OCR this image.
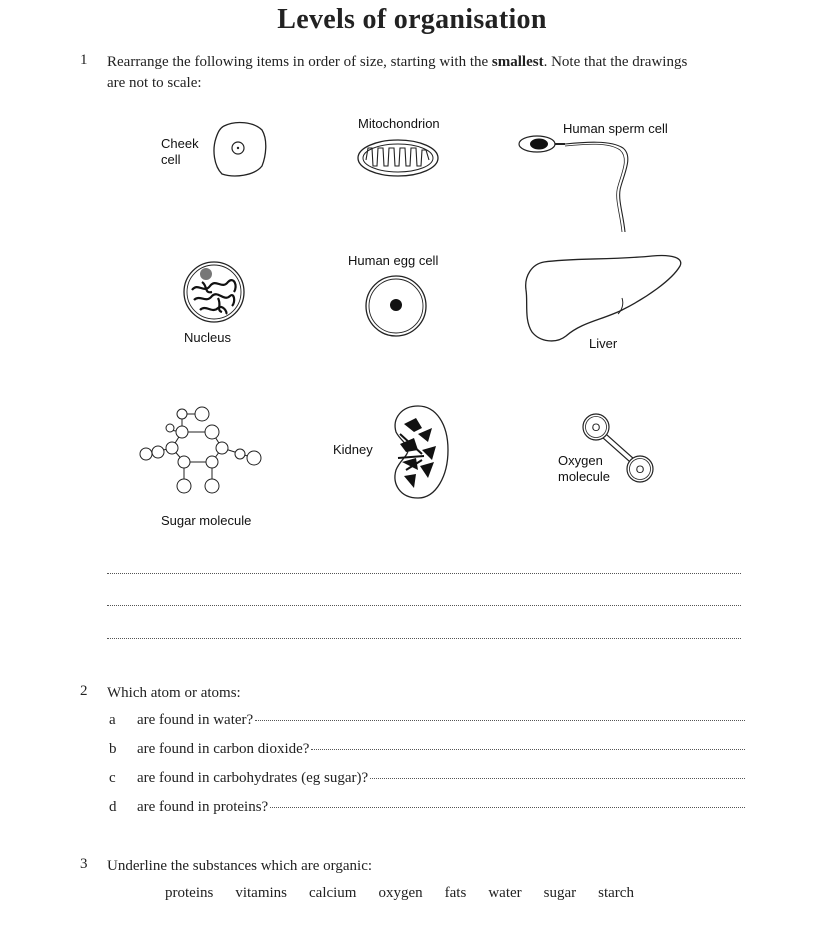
Levels of organisation
1 Rearrange the following items in order of size, starting with the smallest. Note that the drawings are not to scale:
Cheek cell
Mitochondrion	Human sperm cell
Nucleus
Human egg cell
Liver
Sugar molecule
Kidney
O
O
Oxygen molecule
2 Which atom or atoms:
a are found in water?
b are found in carbon dioxide?
c are found in carbohydrates (eg sugar)?
d are found in proteins?
3 Underline the substances which are organic:
proteins vitamins calcium oxygen fats water sugar starch
